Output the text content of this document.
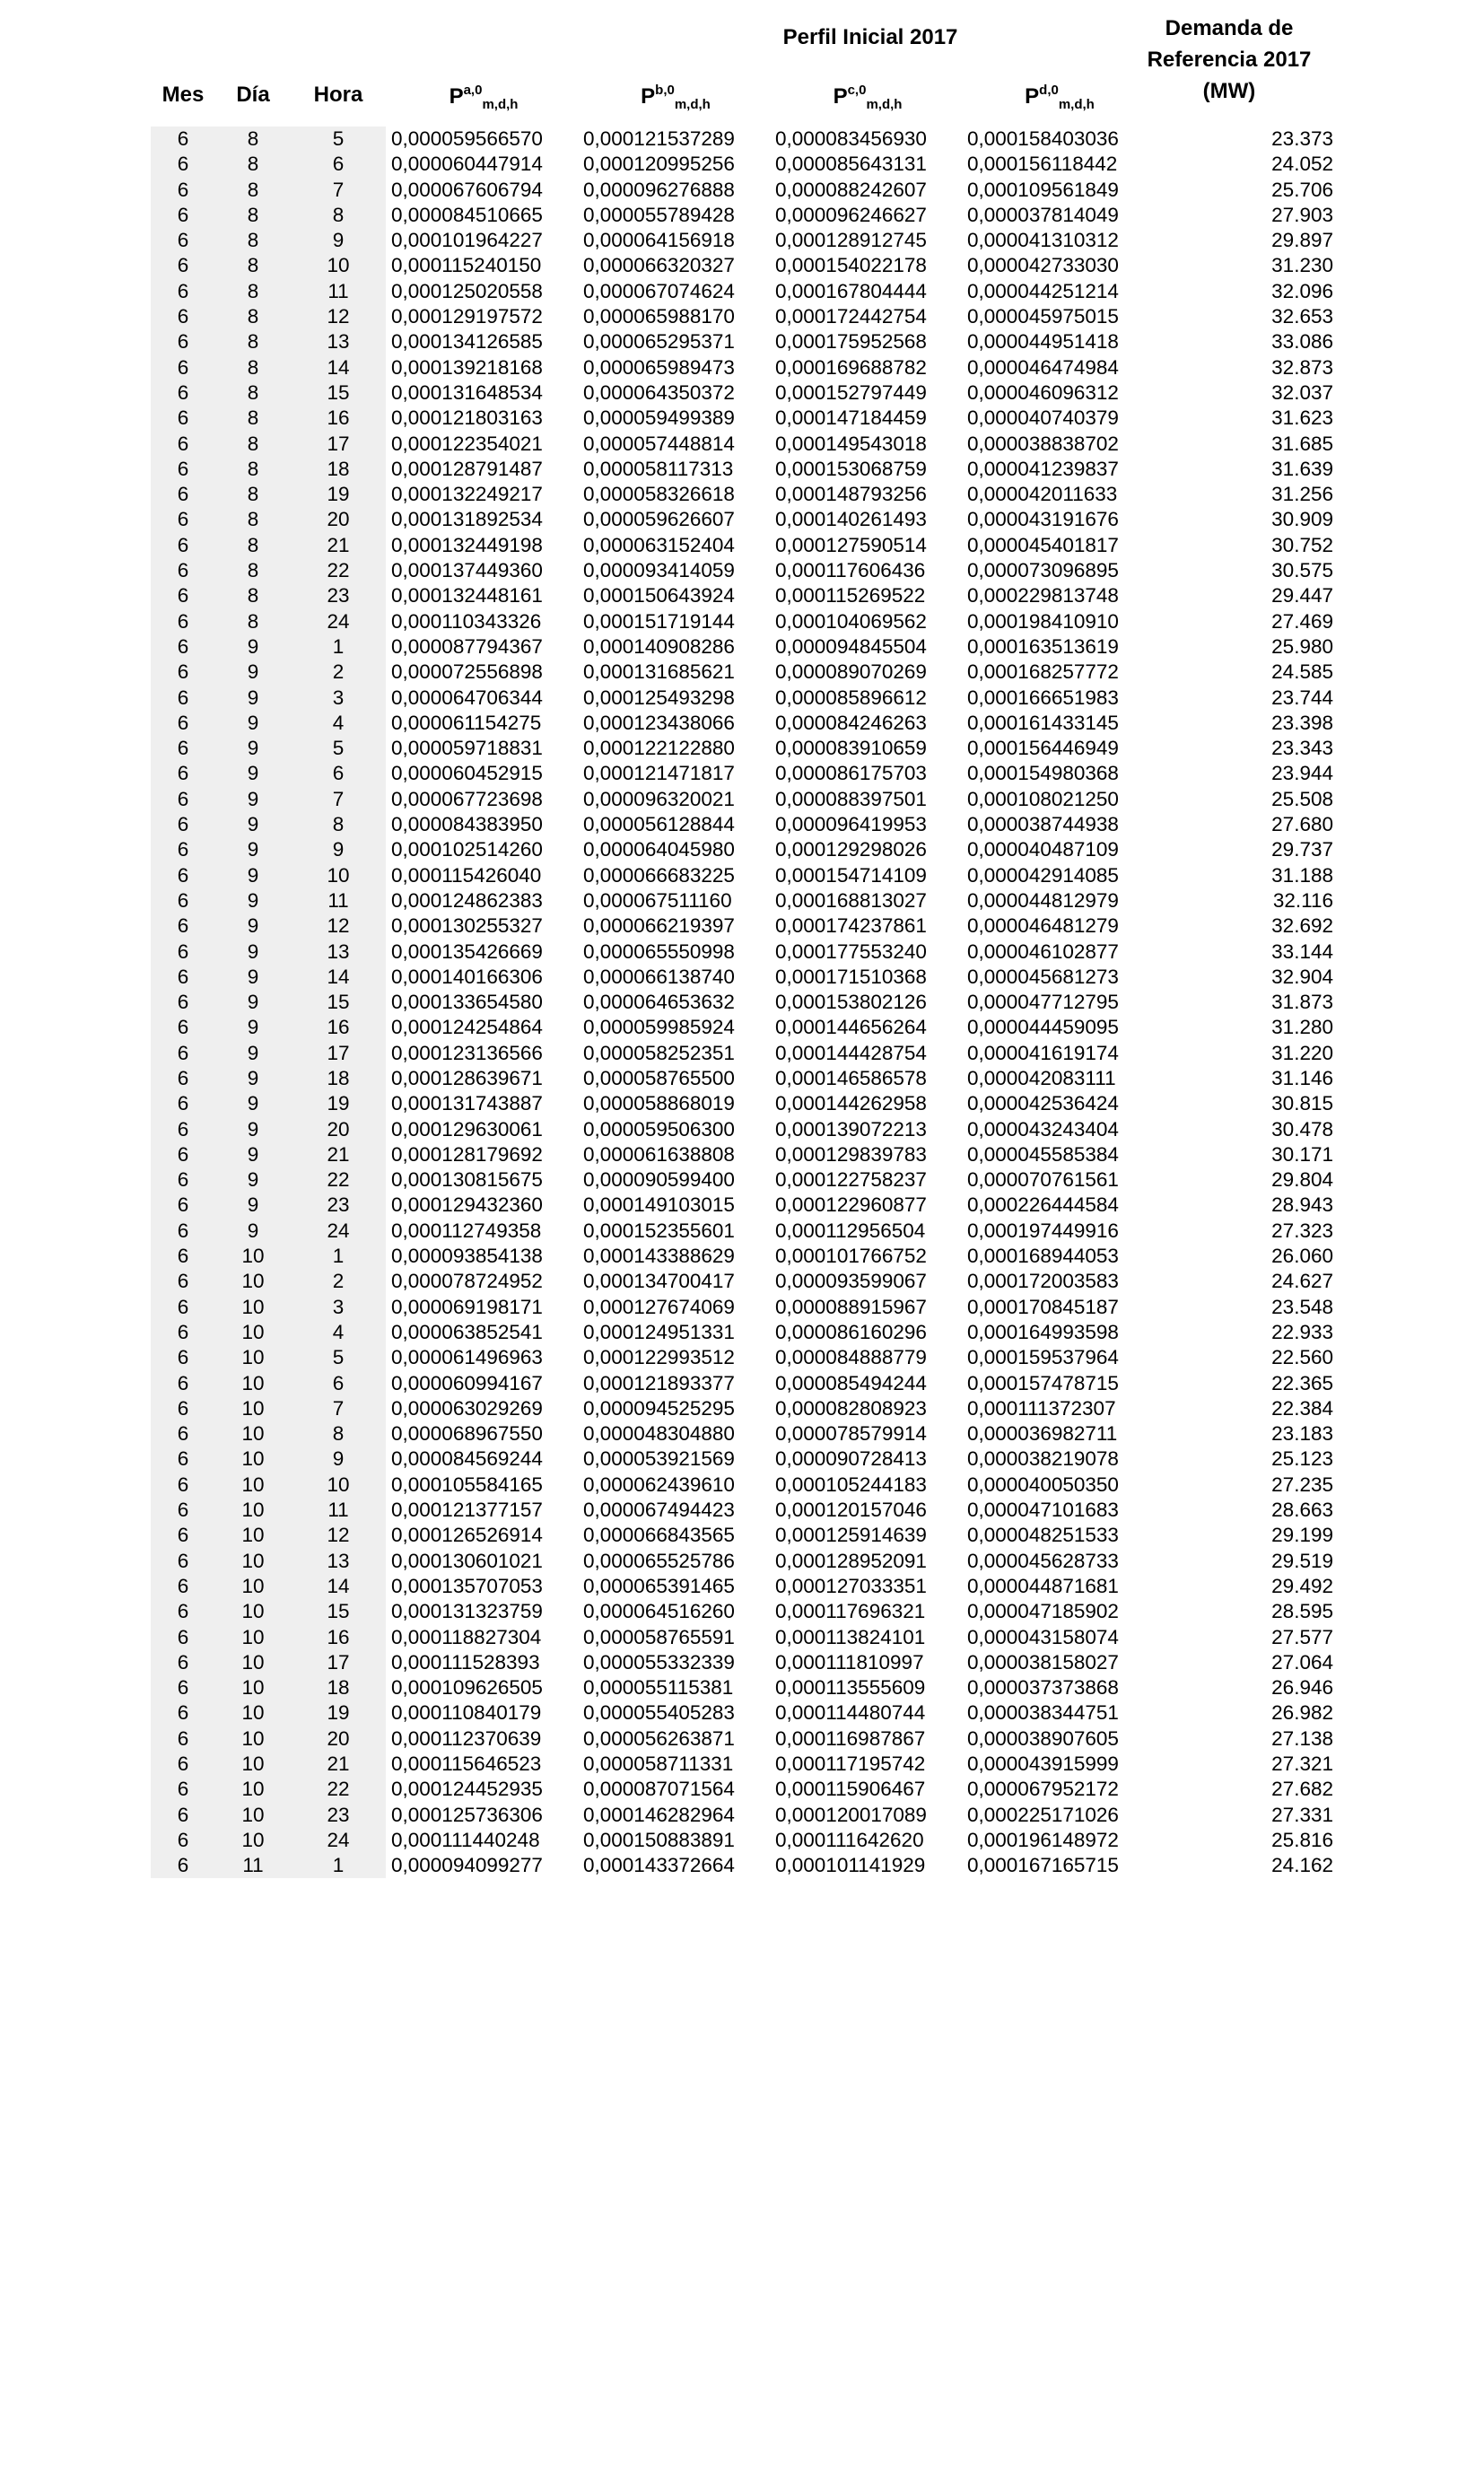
Perfil Inicial 2017	Demanda de
Referencia 2017
(MW)
Mes	Día	Hora	P$^{a,0}_{m,d,h}$	P$^{b,0}_{m,d,h}$	P$^{c,0}_{m,d,h}$	P$^{d,0}_{m,d,h}$
6	8	5	0,000059566570	0,000121537289	0,000083456930	0,000158403036	23.373
6	8	6	0,000060447914	0,000120995256	0,000085643131	0,000156118442	24.052
6	8	7	0,000067606794	0,000096276888	0,000088242607	0,000109561849	25.706
6	8	8	0,000084510665	0,000055789428	0,000096246627	0,000037814049	27.903
6	8	9	0,000101964227	0,000064156918	0,000128912745	0,000041310312	29.897
6	8	10	0,000115240150	0,000066320327	0,000154022178	0,000042733030	31.230
6	8	11	0,000125020558	0,000067074624	0,000167804444	0,000044251214	32.096
6	8	12	0,000129197572	0,000065988170	0,000172442754	0,000045975015	32.653
6	8	13	0,000134126585	0,000065295371	0,000175952568	0,000044951418	33.086
6	8	14	0,000139218168	0,000065989473	0,000169688782	0,000046474984	32.873
6	8	15	0,000131648534	0,000064350372	0,000152797449	0,000046096312	32.037
6	8	16	0,000121803163	0,000059499389	0,000147184459	0,000040740379	31.623
6	8	17	0,000122354021	0,000057448814	0,000149543018	0,000038838702	31.685
6	8	18	0,000128791487	0,000058117313	0,000153068759	0,000041239837	31.639
6	8	19	0,000132249217	0,000058326618	0,000148793256	0,000042011633	31.256
6	8	20	0,000131892534	0,000059626607	0,000140261493	0,000043191676	30.909
6	8	21	0,000132449198	0,000063152404	0,000127590514	0,000045401817	30.752
6	8	22	0,000137449360	0,000093414059	0,000117606436	0,000073096895	30.575
6	8	23	0,000132448161	0,000150643924	0,000115269522	0,000229813748	29.447
6	8	24	0,000110343326	0,000151719144	0,000104069562	0,000198410910	27.469
6	9	1	0,000087794367	0,000140908286	0,000094845504	0,000163513619	25.980
6	9	2	0,000072556898	0,000131685621	0,000089070269	0,000168257772	24.585
6	9	3	0,000064706344	0,000125493298	0,000085896612	0,000166651983	23.744
6	9	4	0,000061154275	0,000123438066	0,000084246263	0,000161433145	23.398
6	9	5	0,000059718831	0,000122122880	0,000083910659	0,000156446949	23.343
6	9	6	0,000060452915	0,000121471817	0,000086175703	0,000154980368	23.944
6	9	7	0,000067723698	0,000096320021	0,000088397501	0,000108021250	25.508
6	9	8	0,000084383950	0,000056128844	0,000096419953	0,000038744938	27.680
6	9	9	0,000102514260	0,000064045980	0,000129298026	0,000040487109	29.737
6	9	10	0,000115426040	0,000066683225	0,000154714109	0,000042914085	31.188
6	9	11	0,000124862383	0,000067511160	0,000168813027	0,000044812979	32.116
6	9	12	0,000130255327	0,000066219397	0,000174237861	0,000046481279	32.692
6	9	13	0,000135426669	0,000065550998	0,000177553240	0,000046102877	33.144
6	9	14	0,000140166306	0,000066138740	0,000171510368	0,000045681273	32.904
6	9	15	0,000133654580	0,000064653632	0,000153802126	0,000047712795	31.873
6	9	16	0,000124254864	0,000059985924	0,000144656264	0,000044459095	31.280
6	9	17	0,000123136566	0,000058252351	0,000144428754	0,000041619174	31.220
6	9	18	0,000128639671	0,000058765500	0,000146586578	0,000042083111	31.146
6	9	19	0,000131743887	0,000058868019	0,000144262958	0,000042536424	30.815
6	9	20	0,000129630061	0,000059506300	0,000139072213	0,000043243404	30.478
6	9	21	0,000128179692	0,000061638808	0,000129839783	0,000045585384	30.171
6	9	22	0,000130815675	0,000090599400	0,000122758237	0,000070761561	29.804
6	9	23	0,000129432360	0,000149103015	0,000122960877	0,000226444584	28.943
6	9	24	0,000112749358	0,000152355601	0,000112956504	0,000197449916	27.323
6	10	1	0,000093854138	0,000143388629	0,000101766752	0,000168944053	26.060
6	10	2	0,000078724952	0,000134700417	0,000093599067	0,000172003583	24.627
6	10	3	0,000069198171	0,000127674069	0,000088915967	0,000170845187	23.548
6	10	4	0,000063852541	0,000124951331	0,000086160296	0,000164993598	22.933
6	10	5	0,000061496963	0,000122993512	0,000084888779	0,000159537964	22.560
6	10	6	0,000060994167	0,000121893377	0,000085494244	0,000157478715	22.365
6	10	7	0,000063029269	0,000094525295	0,000082808923	0,000111372307	22.384
6	10	8	0,000068967550	0,000048304880	0,000078579914	0,000036982711	23.183
6	10	9	0,000084569244	0,000053921569	0,000090728413	0,000038219078	25.123
6	10	10	0,000105584165	0,000062439610	0,000105244183	0,000040050350	27.235
6	10	11	0,000121377157	0,000067494423	0,000120157046	0,000047101683	28.663
6	10	12	0,000126526914	0,000066843565	0,000125914639	0,000048251533	29.199
6	10	13	0,000130601021	0,000065525786	0,000128952091	0,000045628733	29.519
6	10	14	0,000135707053	0,000065391465	0,000127033351	0,000044871681	29.492
6	10	15	0,000131323759	0,000064516260	0,000117696321	0,000047185902	28.595
6	10	16	0,000118827304	0,000058765591	0,000113824101	0,000043158074	27.577
6	10	17	0,000111528393	0,000055332339	0,000111810997	0,000038158027	27.064
6	10	18	0,000109626505	0,000055115381	0,000113555609	0,000037373868	26.946
6	10	19	0,000110840179	0,000055405283	0,000114480744	0,000038344751	26.982
6	10	20	0,000112370639	0,000056263871	0,000116987867	0,000038907605	27.138
6	10	21	0,000115646523	0,000058711331	0,000117195742	0,000043915999	27.321
6	10	22	0,000124452935	0,000087071564	0,000115906467	0,000067952172	27.682
6	10	23	0,000125736306	0,000146282964	0,000120017089	0,000225171026	27.331
6	10	24	0,000111440248	0,000150883891	0,000111642620	0,000196148972	25.816
6	11	1	0,000094099277	0,000143372664	0,000101141929	0,000167165715	24.162
